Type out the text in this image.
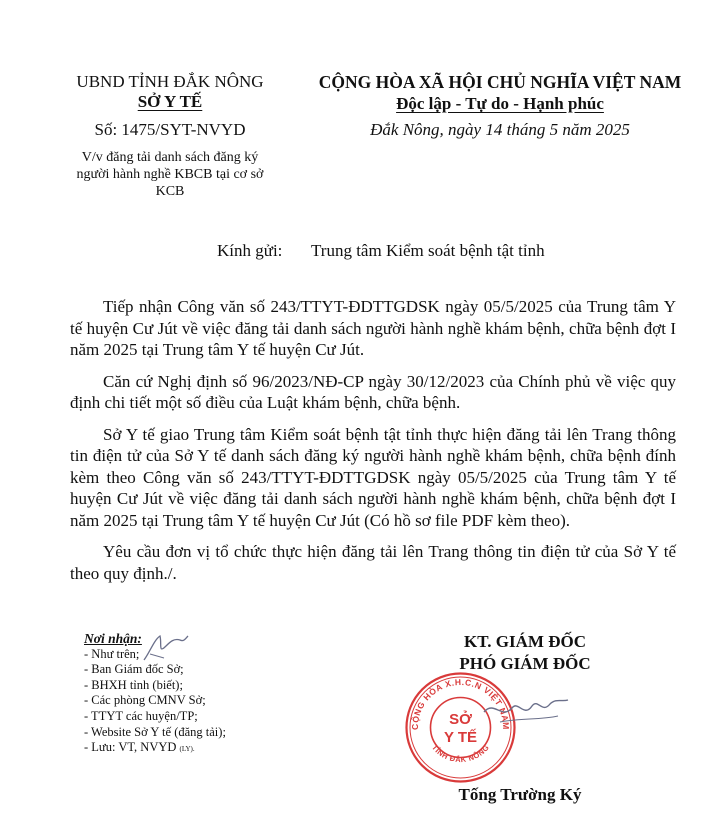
UBND TỈNH ĐẮK NÔNG
SỞ Y TẾ
Số: 1475/SYT-NVYD
V/v đăng tải danh sách đăng ký
người hành nghề KBCB tại cơ sở
KCB
CỘNG HÒA XÃ HỘI CHỦ NGHĨA VIỆT NAM
Độc lập - Tự do - Hạnh phúc
Đắk Nông, ngày 14 tháng 5 năm 2025
Kính gửi: Trung tâm Kiểm soát bệnh tật tỉnh

Tiếp nhận Công văn số 243/TTYT-ĐDTTGDSK ngày 05/5/2025 của Trung tâm Y tế huyện Cư Jút về việc đăng tải danh sách người hành nghề khám bệnh, chữa bệnh đợt I năm 2025 tại Trung tâm Y tế huyện Cư Jút.

Căn cứ Nghị định số 96/2023/NĐ-CP ngày 30/12/2023 của Chính phủ về việc quy định chi tiết một số điều của Luật khám bệnh, chữa bệnh.

Sở Y tế giao Trung tâm Kiểm soát bệnh tật tỉnh thực hiện đăng tải lên Trang thông tin điện tử của Sở Y tế danh sách đăng ký người hành nghề khám bệnh, chữa bệnh đính kèm theo Công văn số 243/TTYT-ĐDTTGDSK ngày 05/5/2025 của Trung tâm Y tế huyện Cư Jút về việc đăng tải danh sách người hành nghề khám bệnh, chữa bệnh đợt I năm 2025 tại Trung tâm Y tế huyện Cư Jút (Có hồ sơ file PDF kèm theo).

Yêu cầu đơn vị tổ chức thực hiện đăng tải lên Trang thông tin điện tử của Sở Y tế theo quy định./.

Nơi nhận:
- Như trên;
- Ban Giám đốc Sở;
- BHXH tỉnh (biết);
- Các phòng CMNV Sở;
- TTYT các huyện/TP;
- Website Sở Y tế (đăng tải);
- Lưu: VT, NVYD (LY).
KT. GIÁM ĐỐC
PHÓ GIÁM ĐỐC
CỘNG HÒA X.H.C.N VIỆT NAM
TỈNH ĐẮK NÔNG
SỞ
Y TẾ
Tống Trường Ký
